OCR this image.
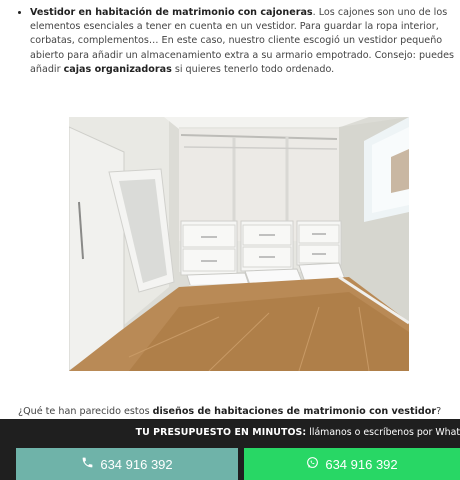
• Vestidor en habitación de matrimonio con cajoneras. Los cajones son uno de los elementos esenciales a tener en cuenta en un vestidor. Para guardar la ropa interior, corbatas, complementos… En este caso, nuestro cliente escogió un vestidor pequeño abierto para añadir un almacenamiento extra a su armario empotrado. Consejo: puedes añadir cajas organizadoras si quieres tenerlo todo ordenado.
¿Qué te han parecido estos diseños de habitaciones de matrimonio con vestidor?
TU PRESUPUESTO EN MINUTOS: llámanos o escríbenos por What
634 916 392	634 916 392
